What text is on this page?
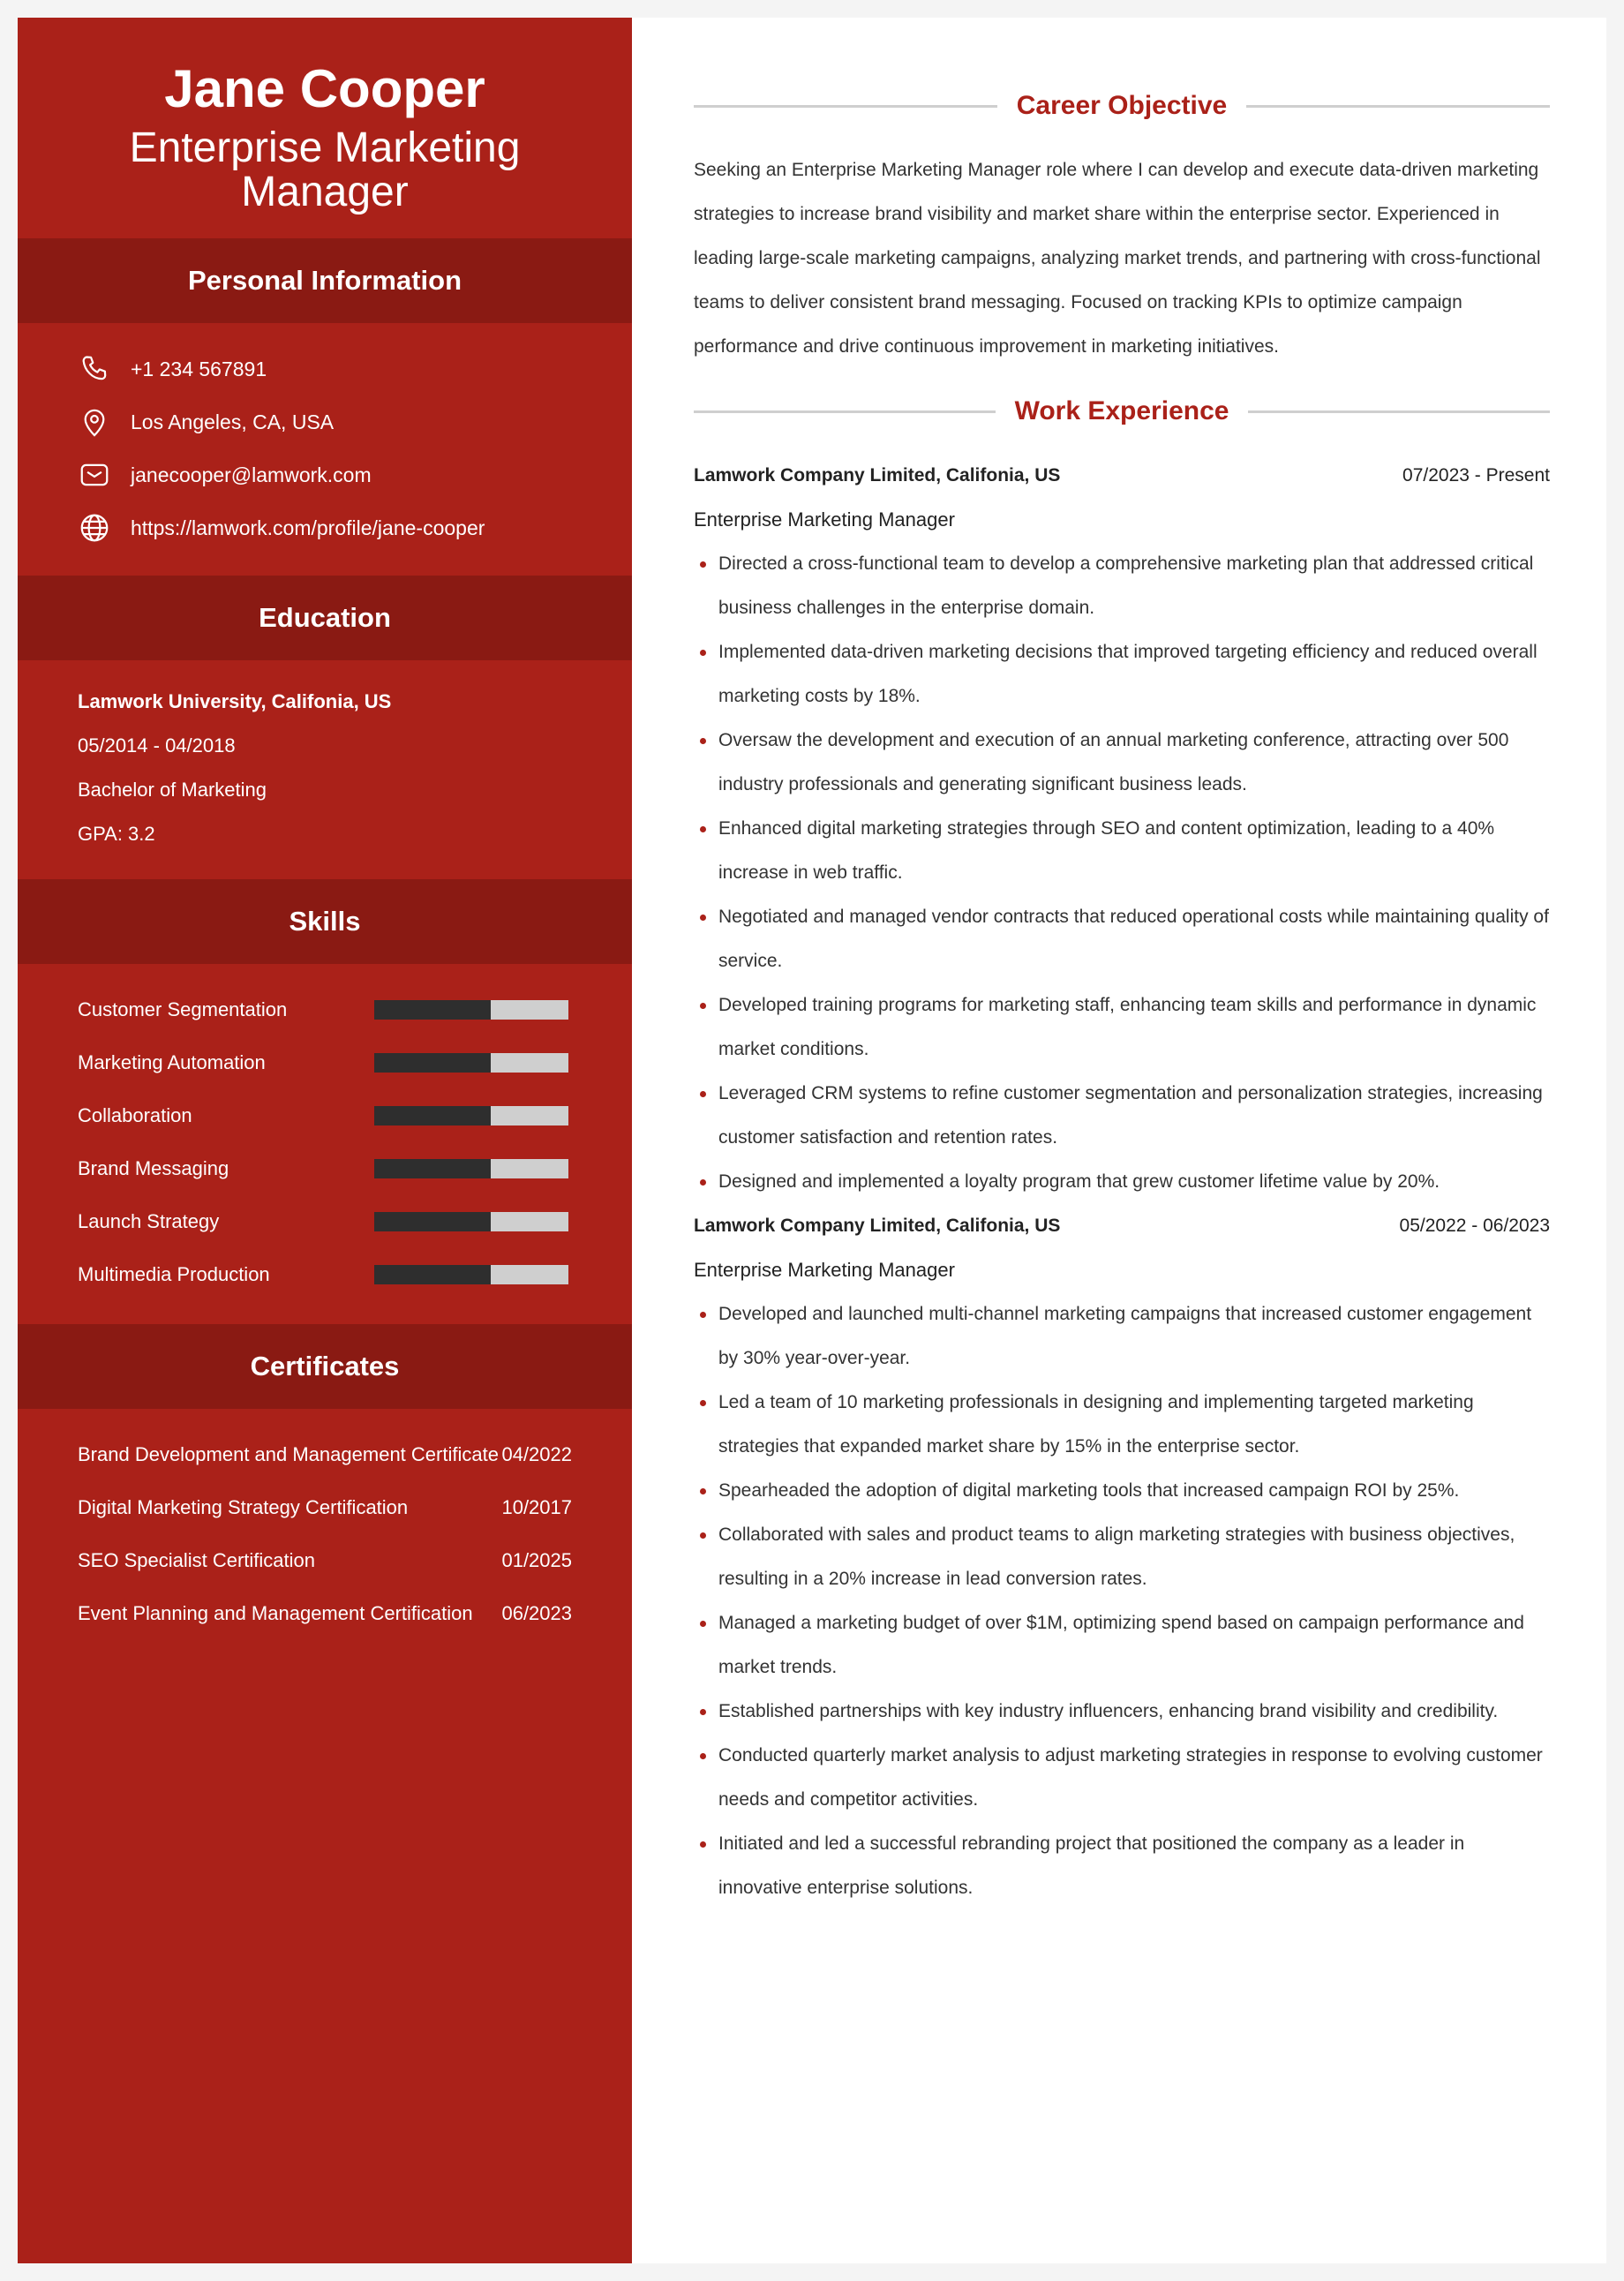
Jane Cooper
Enterprise Marketing Manager
Personal Information
+1 234 567891
Los Angeles, CA, USA
janecooper@lamwork.com
https://lamwork.com/profile/jane-cooper
Education
Lamwork University, Califonia, US
05/2014 - 04/2018
Bachelor of Marketing
GPA: 3.2
Skills
Customer Segmentation
Marketing Automation
Collaboration
Brand Messaging
Launch Strategy
Multimedia Production
Certificates
Brand Development and Management Certificate 04/2022
Digital Marketing Strategy Certification	10/2017
SEO Specialist Certification	01/2025
Event Planning and Management Certification 06/2023
Career Objective

Seeking an Enterprise Marketing Manager role where I can develop and execute data-driven marketing strategies to increase brand visibility and market share within the enterprise sector. Experienced in leading large-scale marketing campaigns, analyzing market trends, and partnering with cross-functional teams to deliver consistent brand messaging. Focused on tracking KPIs to optimize campaign performance and drive continuous improvement in marketing initiatives.

Work Experience
Lamwork Company Limited, Califonia, US	07/2023 - Present
Enterprise Marketing Manager
Directed a cross-functional team to develop a comprehensive marketing plan that addressed critical business challenges in the enterprise domain.
Implemented data-driven marketing decisions that improved targeting efficiency and reduced overall marketing costs by 18%.
Oversaw the development and execution of an annual marketing conference, attracting over 500 industry professionals and generating significant business leads.
Enhanced digital marketing strategies through SEO and content optimization, leading to a 40% increase in web traffic.
Negotiated and managed vendor contracts that reduced operational costs while maintaining quality of service.
Developed training programs for marketing staff, enhancing team skills and performance in dynamic market conditions.
Leveraged CRM systems to refine customer segmentation and personalization strategies, increasing customer satisfaction and retention rates.
Designed and implemented a loyalty program that grew customer lifetime value by 20%.
Lamwork Company Limited, Califonia, US	05/2022 - 06/2023
Enterprise Marketing Manager
Developed and launched multi-channel marketing campaigns that increased customer engagement by 30% year-over-year.
Led a team of 10 marketing professionals in designing and implementing targeted marketing strategies that expanded market share by 15% in the enterprise sector.
Spearheaded the adoption of digital marketing tools that increased campaign ROI by 25%.
Collaborated with sales and product teams to align marketing strategies with business objectives, resulting in a 20% increase in lead conversion rates.
Managed a marketing budget of over $1M, optimizing spend based on campaign performance and market trends.
Established partnerships with key industry influencers, enhancing brand visibility and credibility.
Conducted quarterly market analysis to adjust marketing strategies in response to evolving customer needs and competitor activities.
Initiated and led a successful rebranding project that positioned the company as a leader in innovative enterprise solutions.
